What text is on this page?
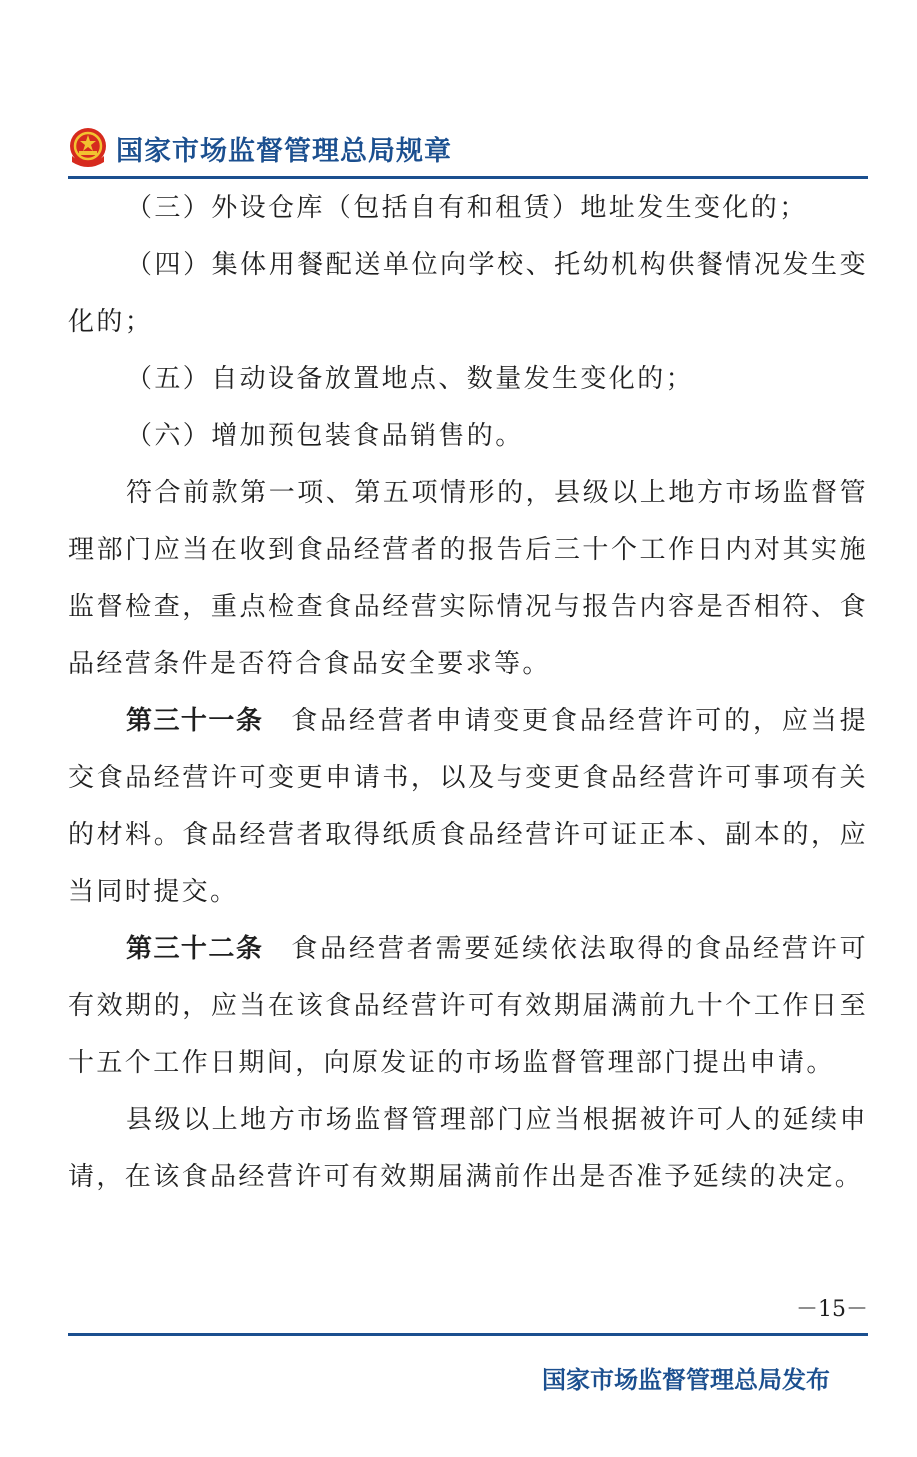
国家市场监督管理总局规章

（三）外设仓库（包括自有和租赁）地址发生变化的；

（四）集体用餐配送单位向学校、托幼机构供餐情况发生变化的；

（五）自动设备放置地点、数量发生变化的；

（六）增加预包装食品销售的。

符合前款第一项、第五项情形的，县级以上地方市场监督管理部门应当在收到食品经营者的报告后三十个工作日内对其实施监督检查，重点检查食品经营实际情况与报告内容是否相符、食品经营条件是否符合食品安全要求等。

第三十一条 食品经营者申请变更食品经营许可的，应当提交食品经营许可变更申请书，以及与变更食品经营许可事项有关的材料。食品经营者取得纸质食品经营许可证正本、副本的，应当同时提交。

第三十二条 食品经营者需要延续依法取得的食品经营许可有效期的，应当在该食品经营许可有效期届满前九十个工作日至十五个工作日期间，向原发证的市场监督管理部门提出申请。

县级以上地方市场监督管理部门应当根据被许可人的延续申请，在该食品经营许可有效期届满前作出是否准予延续的决定。

－15－
国家市场监督管理总局发布
